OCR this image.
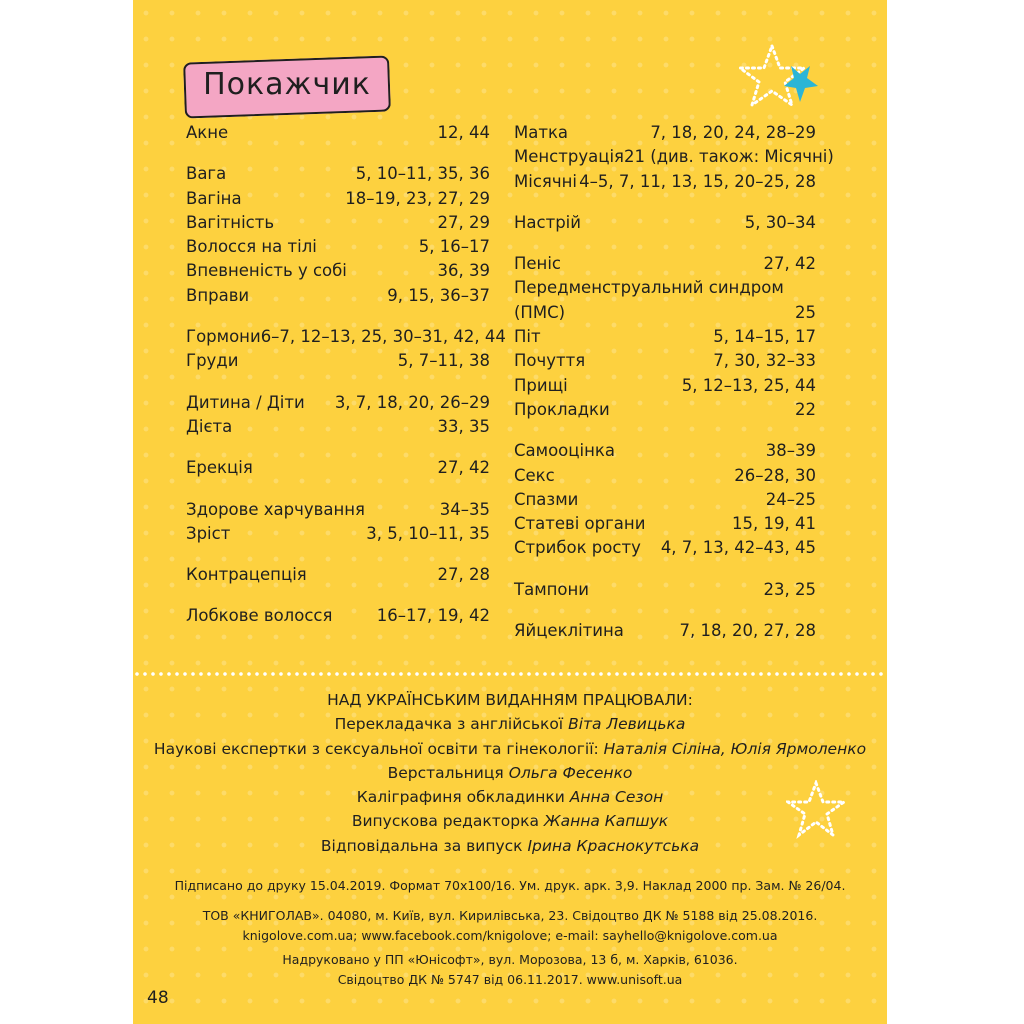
Покажчик
Акне	12, 44
Вага	5, 10–11, 35, 36
Вагіна	18–19, 23, 27, 29
Вагітність	27, 29
Волосся на тілі	5, 16–17
Впевненість у собі	36, 39
Вправи	9, 15, 36–37
Гормони 6–7, 12–13, 25, 30–31, 42, 44
Груди	5, 7–11, 38
Дитина / Діти 3, 7, 18, 20, 26–29
Дієта	33, 35
Ерекція	27, 42
Здорове харчування	34–35
Зріст	3, 5, 10–11, 35
Контрацепція	27, 28
Лобкове волосся	16–17, 19, 42
Матка	7, 18, 20, 24, 28–29
Менструація 21 (див. також: Місячні)
Місячні 4–5, 7, 11, 13, 15, 20–25, 28
Настрій	5, 30–34
Пеніс	27, 42
Передменструальний синдром
(ПМС)	25
Піт	5, 14–15, 17
Почуття	7, 30, 32–33
Прищі	5, 12–13, 25, 44
Прокладки	22
Самооцінка	38–39
Секс	26–28, 30
Спазми	24–25
Статеві органи	15, 19, 41
Стрибок росту 4, 7, 13, 42–43, 45
Тампони	23, 25
Яйцеклітина	7, 18, 20, 27, 28
НАД УКРАЇНСЬКИМ ВИДАННЯМ ПРАЦЮВАЛИ:
Перекладачка з англійської Віта Левицька
Наукові експертки з сексуальної освіти та гінекології: Наталія Сіліна, Юлія Ярмоленко
Верстальниця Ольга Фесенко
Каліграфиня обкладинки Анна Сезон
Випускова редакторка Жанна Капшук
Відповідальна за випуск Ірина Краснокутська
Підписано до друку 15.04.2019. Формат 70х100/16. Ум. друк. арк. 3,9. Наклад 2000 пр. Зам. № 26/04.
ТОВ «КНИГОЛАВ». 04080, м. Київ, вул. Кирилівська, 23. Свідоцтво ДК № 5188 від 25.08.2016.
knigolove.com.ua; www.facebook.com/knigolove; e-mail: sayhello@knigolove.com.ua
Надруковано у ПП «Юнісофт», вул. Морозова, 13 б, м. Харків, 61036.
Свідоцтво ДК № 5747 від 06.11.2017. www.unisoft.ua
48
